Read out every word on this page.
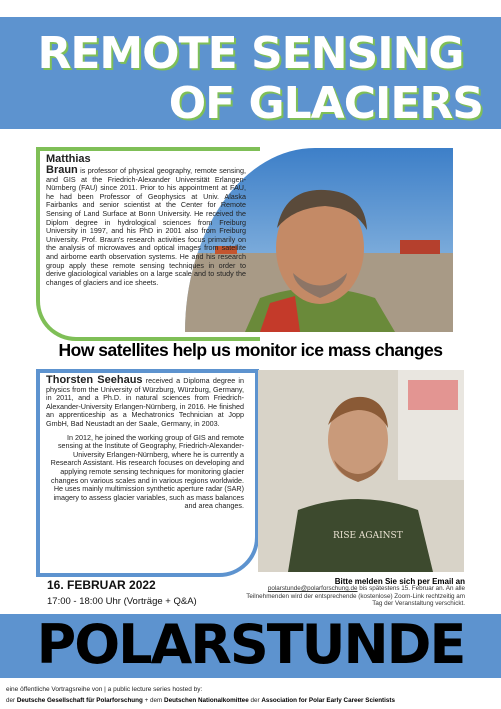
REMOTE SENSING
OF GLACIERS
Matthias
Braun is professor of physical geography, remote sensing, and GIS at the Friedrich-Alexander Universität Erlangen-Nürnberg (FAU) since 2011. Prior to his appointment at FAU, he had been Professor of Geophysics at Univ. Alaska Fairbanks and senior scientist at the Center for Remote Sensing of Land Surface at Bonn University. He received the Diplom degree in hydrological sciences from Freiburg University in 1997, and his PhD in 2001 also from Freiburg University. Prof. Braun's research activities focus primarily on the analysis of microwaves and optical images from satellite and airborne earth observation systems. He and his research group apply these remote sensing techniques in order to derive glaciological variables on a large scale and to study the changes of glaciers and ice sheets.
How satellites help us monitor ice mass changes
RISE AGAINST
Thorsten Seehaus received a Diploma degree in physics from the University of Würzburg, Würzburg, Germany, in 2011, and a Ph.D. in natural sciences from Friedrich-Alexander-University Erlangen-Nürnberg, in 2016. He finished an apprenticeship as a Mechatronics Technician at Jopp GmbH, Bad Neustadt an der Saale, Germany, in 2003.
In 2012, he joined the working group of GIS and remote sensing at the Institute of Geography, Friedrich-Alexander-University Erlangen-Nürnberg, where he is currently a Research Assistant. His research focuses on developing and applying remote sensing techniques for monitoring glacier changes on various scales and in various regions worldwide. He uses mainly multimission synthetic aperture radar (SAR) imagery to assess glacier variables, such as mass balances and area changes.
16. FEBRUAR 2022
17:00 - 18:00 Uhr (Vorträge + Q&A)
Bitte melden Sie sich per Email an
polarstunde@polarforschung.de bis spätestens 15. Februar an. An alle Teilnehmenden wird der entsprechende (kostenlose) Zoom-Link rechtzeitig am Tag der Veranstaltung verschickt.
POLARSTUNDE
eine öffentliche Vortragsreihe von | a public lecture series hosted by:
der Deutsche Gesellschaft für Polarforschung + dem Deutschen Nationalkomittee der Association for Polar Early Career Scientists
